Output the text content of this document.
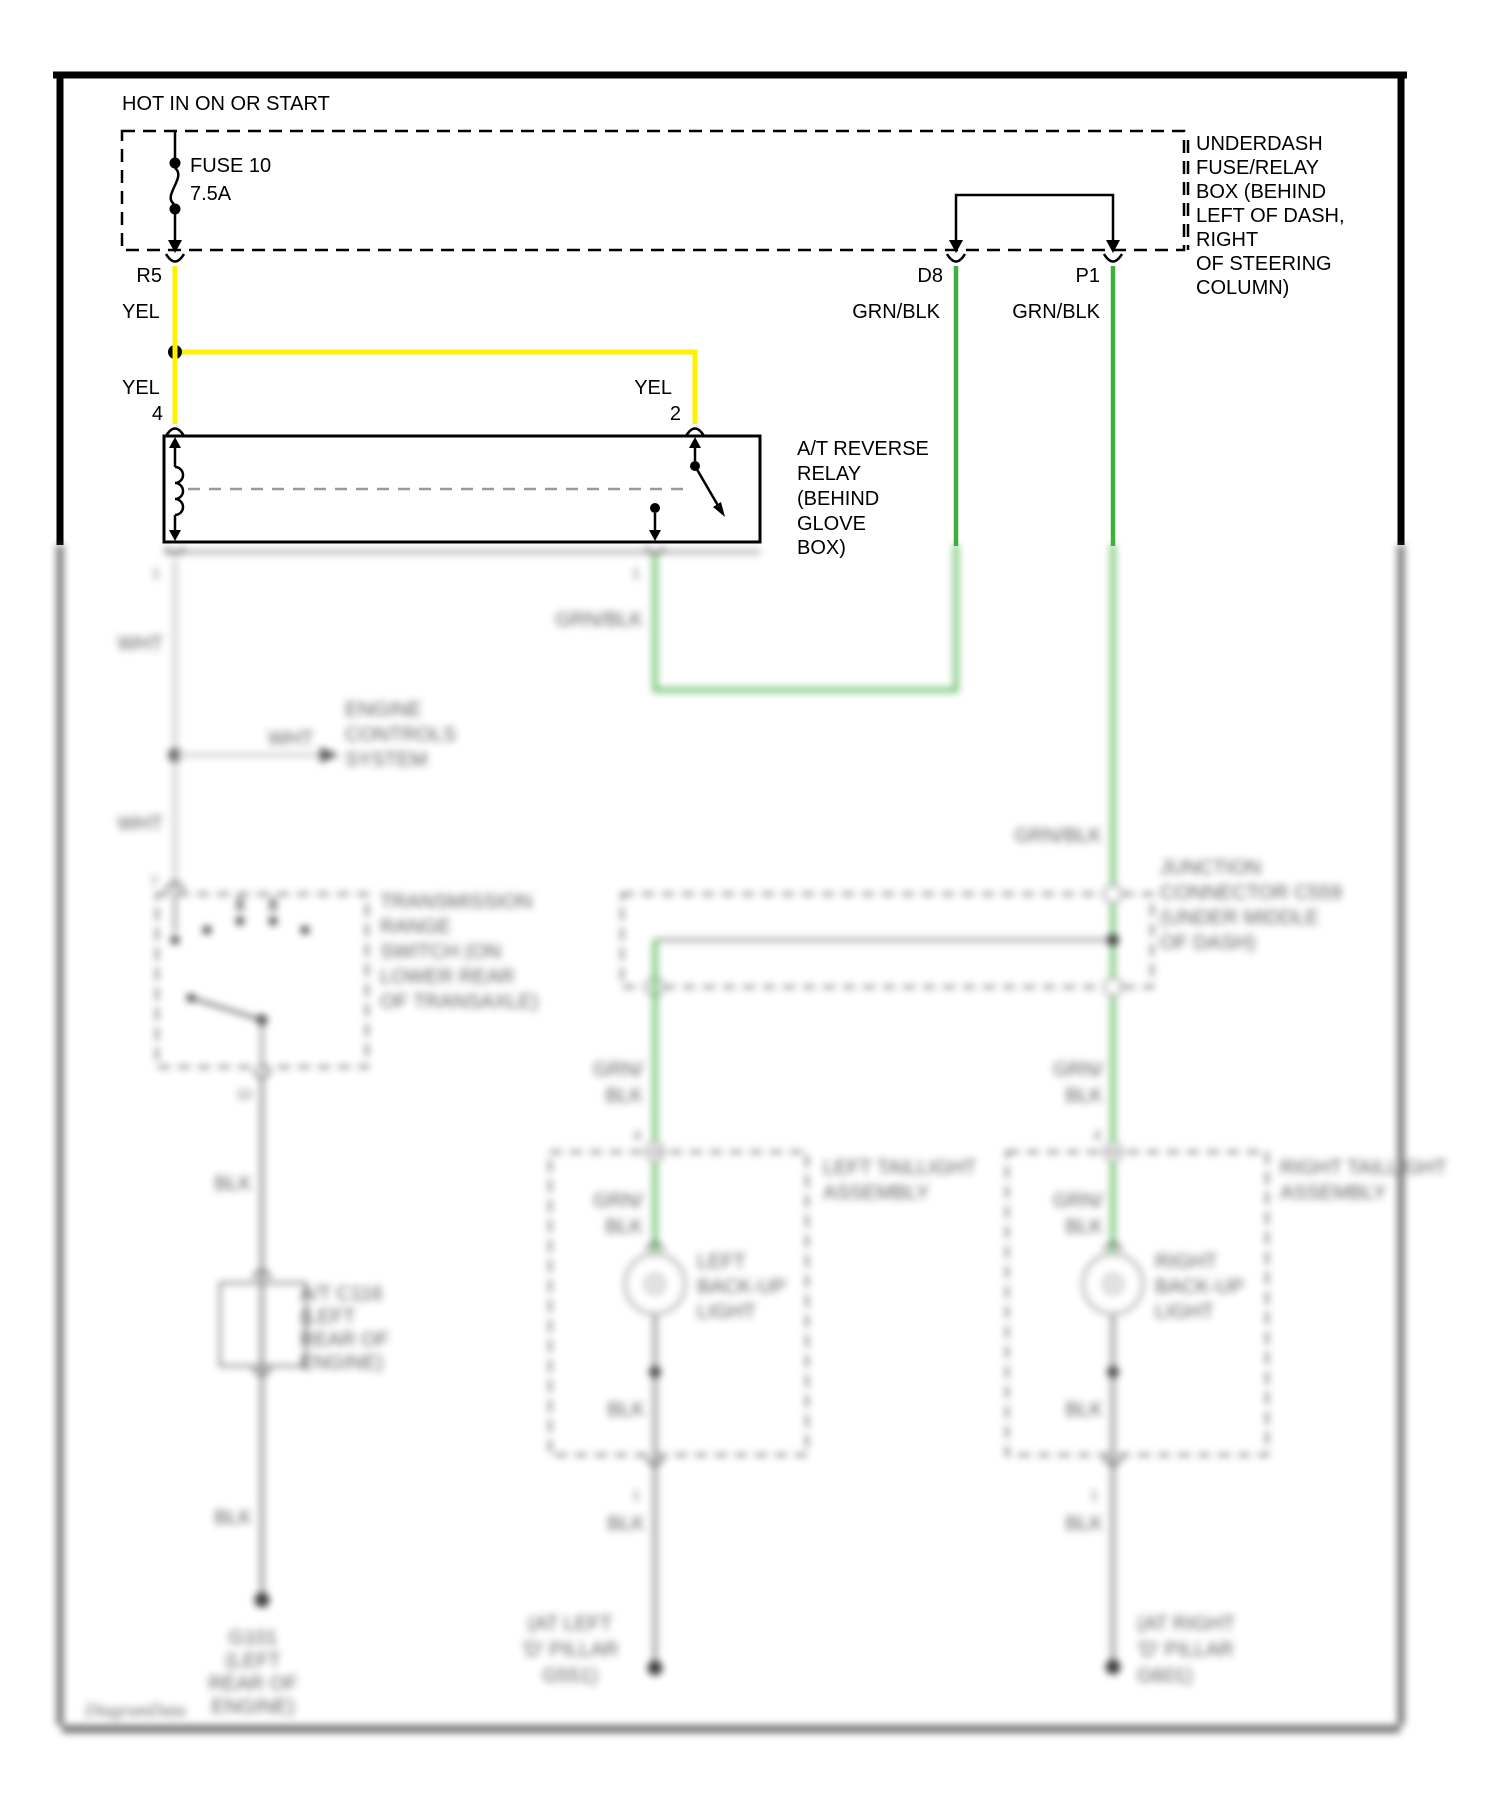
HOT IN ON OR START
FUSE 10
7.5A
UNDERDASH
FUSE/RELAY
BOX (BEHIND
LEFT OF DASH,
RIGHT
OF STEERING
COLUMN)
R5	D8	P1
YEL	GRN/BLK	GRN/BLK
YEL	YEL
4	2
A/T REVERSE
RELAY
(BEHIND
GLOVE
BOX)
1	1
WHT
WHT
ENGINE
CONTROLS
SYSTEM
WHT
7
TRANSMISSION
RANGE
SWITCH (ON
LOWER REAR
OF TRANSAXLE)
10
BLK
A/T C116
(LEFT
REAR OF
ENGINE)
BLK
G101
(LEFT
REAR OF
ENGINE)
GRN/BLK
GRN/BLK
JUNCTION
CONNECTOR C559
(UNDER MIDDLE
OF DASH)
GRN/
BLK
4
LEFT TAILLIGHT
ASSEMBLY
GRN/
BLK
LEFT
BACK-UP
LIGHT
BLK
1
BLK
(AT LEFT
'D' PILLAR
G551)
GRN/
BLK
4
RIGHT TAILLIGHT
ASSEMBLY
GRN/
BLK
RIGHT
BACK-UP
LIGHT
BLK
1
BLK
(AT RIGHT
'D' PILLAR
G601)
DiagramData
